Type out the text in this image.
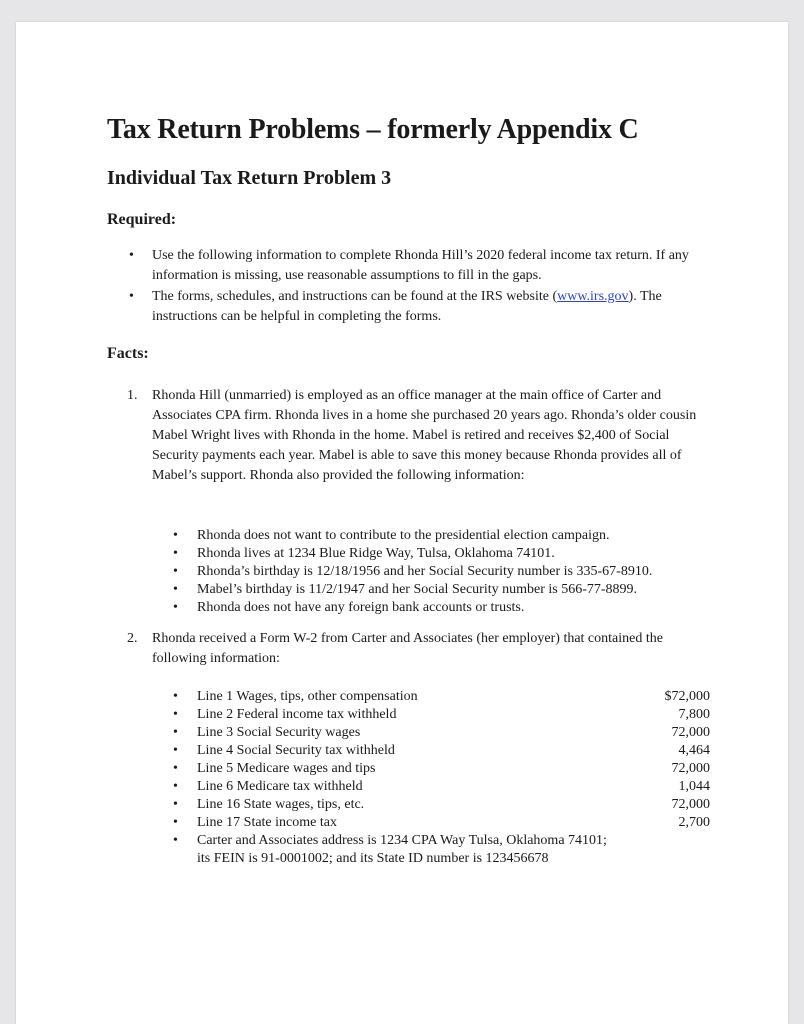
Tax Return Problems – formerly Appendix C
Individual Tax Return Problem 3
Required:
• Use the following information to complete Rhonda Hill’s 2020 federal income tax return. If any information is missing, use reasonable assumptions to fill in the gaps.
• The forms, schedules, and instructions can be found at the IRS website (www.irs.gov). The instructions can be helpful in completing the forms.
Facts:
1.	Rhonda Hill (unmarried) is employed as an office manager at the main office of Carter and Associates CPA firm. Rhonda lives in a home she purchased 20 years ago. Rhonda’s older cousin Mabel Wright lives with Rhonda in the home. Mabel is retired and receives $2,400 of Social Security payments each year. Mabel is able to save this money because Rhonda provides all of Mabel’s support. Rhonda also provided the following information:

• Rhonda does not want to contribute to the presidential election campaign.
• Rhonda lives at 1234 Blue Ridge Way, Tulsa, Oklahoma 74101.
• Rhonda’s birthday is 12/18/1956 and her Social Security number is 335-67-8910.
• Mabel’s birthday is 11/2/1947 and her Social Security number is 566-77-8899.
• Rhonda does not have any foreign bank accounts or trusts.
2.	Rhonda received a Form W-2 from Carter and Associates (her employer) that contained the following information:

• Line 1 Wages, tips, other compensation	$72,000
• Line 2 Federal income tax withheld	7,800
• Line 3 Social Security wages	72,000
• Line 4 Social Security tax withheld	4,464
• Line 5 Medicare wages and tips	72,000
• Line 6 Medicare tax withheld	1,044
• Line 16 State wages, tips, etc.	72,000
• Line 17 State income tax	2,700
• Carter and Associates address is 1234 CPA Way Tulsa, Oklahoma 74101; its FEIN is 91-0001002; and its State ID number is 123456678
